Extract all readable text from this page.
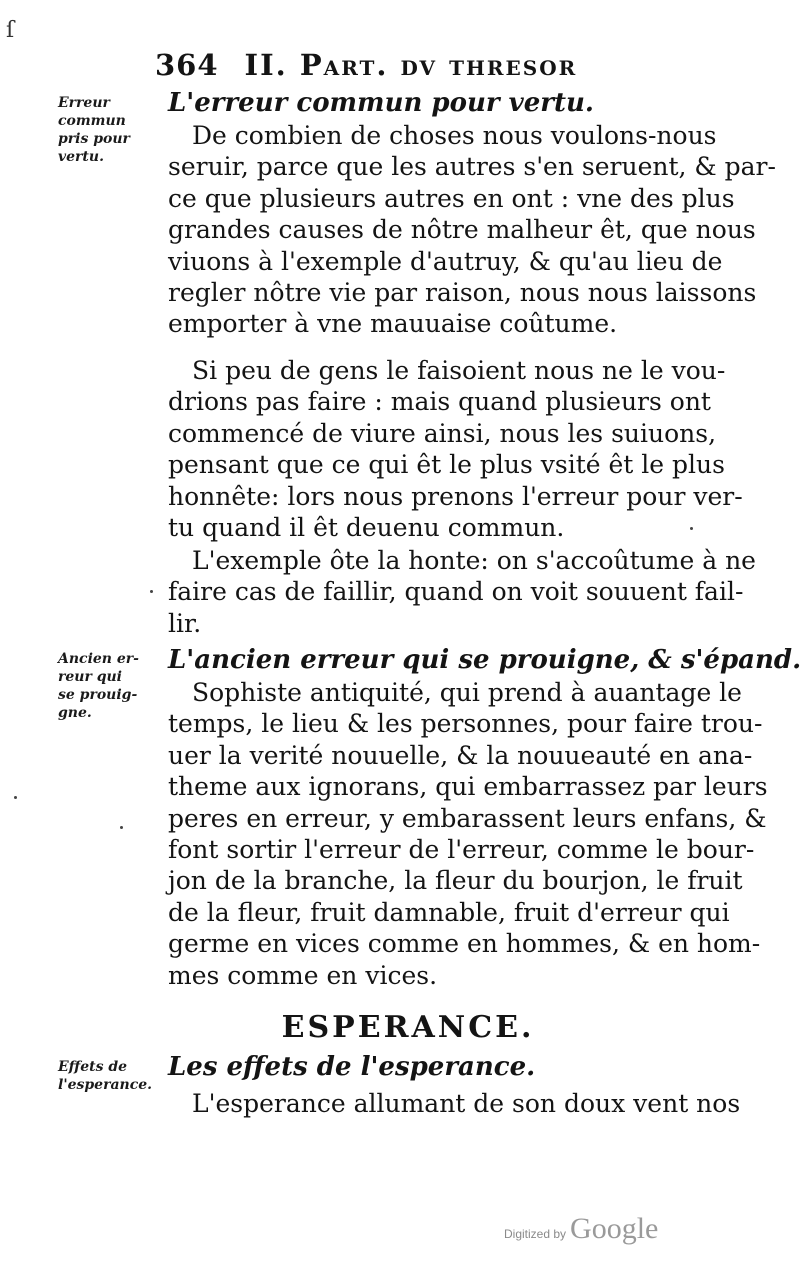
ſ
364 II. Part. dv thresor
Erreur
commun
pris pour
vertu.
L'erreur commun pour vertu.
De combien de choses nous voulons-nous
seruir, parce que les autres s'en seruent, & par-
ce que plusieurs autres en ont : vne des plus
grandes causes de nôtre malheur êt, que nous
viuons à l'exemple d'autruy, & qu'au lieu de
regler nôtre vie par raison, nous nous laissons
emporter à vne mauuaise coûtume.
Si peu de gens le faisoient nous ne le vou-
drions pas faire : mais quand plusieurs ont
commencé de viure ainsi, nous les suiuons,
pensant que ce qui êt le plus vsité êt le plus
honnête: lors nous prenons l'erreur pour ver-
tu quand il êt deuenu commun.
L'exemple ôte la honte: on s'accoûtume à ne
faire cas de faillir, quand on voit souuent fail-
lir.
Ancien er-
reur qui
se prouig-
gne.
L'ancien erreur qui se prouigne, & s'épand.
Sophiste antiquité, qui prend à auantage le
temps, le lieu & les personnes, pour faire trou-
uer la verité nouuelle, & la nouueauté en ana-
theme aux ignorans, qui embarrassez par leurs
peres en erreur, y embarassent leurs enfans, &
font sortir l'erreur de l'erreur, comme le bour-
jon de la branche, la fleur du bourjon, le fruit
de la fleur, fruit damnable, fruit d'erreur qui
germe en vices comme en hommes, & en hom-
mes comme en vices.
ESPERANCE.
Effets de
l'esperance.
Les effets de l'esperance.
L'esperance allumant de son doux vent nos
Digitized by Google
